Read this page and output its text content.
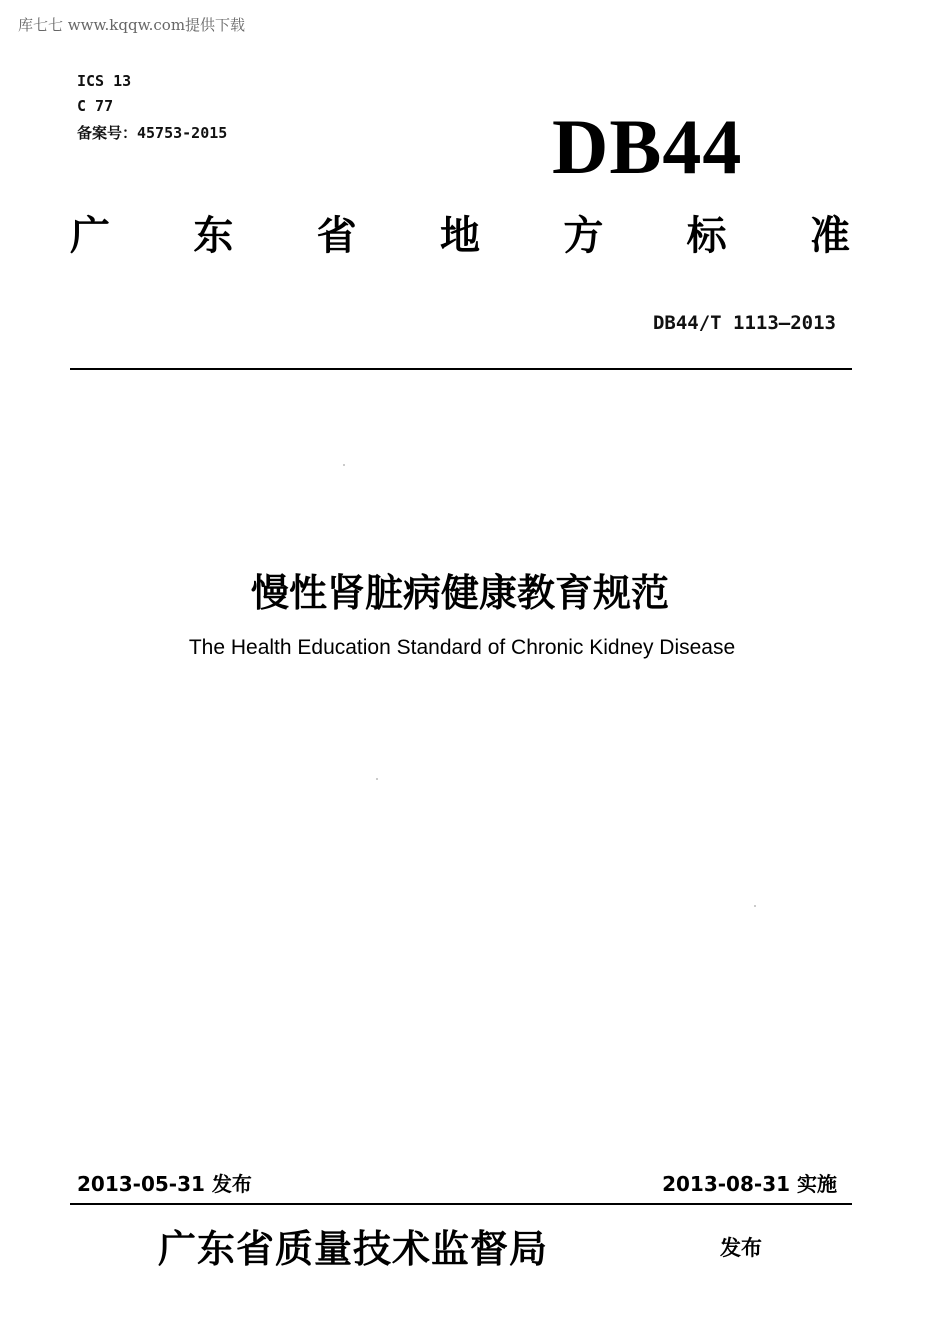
库七七 www.kqqw.com提供下载
ICS 13
C 77
备案号：45753-2015	DB44
广 东 省 地 方 标 准
DB44/T 1113—2013
慢性肾脏病健康教育规范
The Health Education Standard of Chronic Kidney Disease
2013-05-31 发布	2013-08-31 实施
广东省质量技术监督局	发布
